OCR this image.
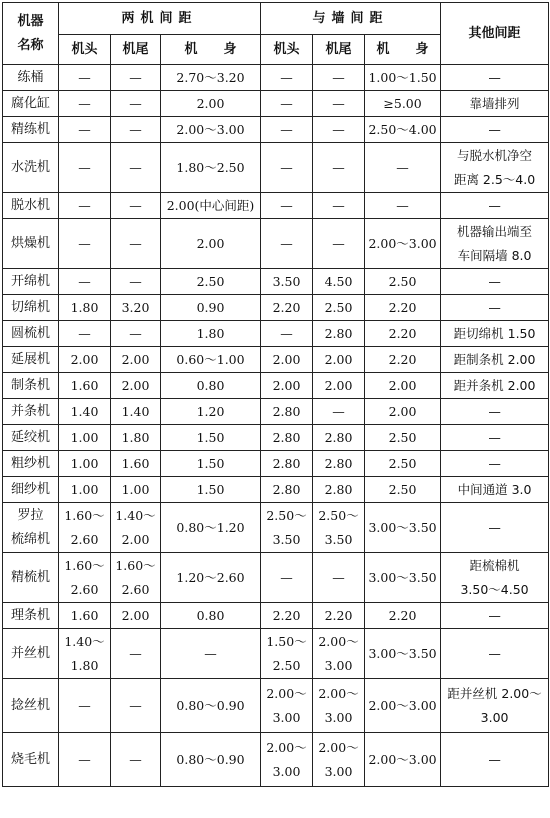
机器
名称	两机间距			与墙间距			其他间距
	机头	机尾	机　　身	机头	机尾	机　　身	

练桶	—	—	2.70～3.20	—	—	1.00～1.50	—

腐化缸	—	—	2.00	—	—	≥5.00	靠墙排列

精练机	—	—	2.00～3.00	—	—	2.50～4.00	—

水洗机	—	—	1.80～2.50	—	—	—	与脱水机净空
距离 2.5～4.0

脱水机	—	—	2.00(中心间距)	—	—	—	—

烘燥机	—	—	2.00	—	—	2.00～3.00	机器输出端至
车间隔墙 8.0

开绵机	—	—	2.50	3.50	4.50	2.50	—

切绵机	1.80	3.20	0.90	2.20	2.50	2.20	—

圆梳机	—	—	1.80	—	2.80	2.20	距切绵机 1.50

延展机	2.00	2.00	0.60～1.00	2.00	2.00	2.20	距制条机 2.00

制条机	1.60	2.00	0.80	2.00	2.00	2.00	距并条机 2.00

并条机	1.40	1.40	1.20	2.80	—	2.00	—

延绞机	1.00	1.80	1.50	2.80	2.80	2.50	—

粗纱机	1.00	1.60	1.50	2.80	2.80	2.50	—

细纱机	1.00	1.00	1.50	2.80	2.80	2.50	中间通道 3.0

罗拉
梳绵机	1.60～
2.60	1.40～
2.00	0.80～1.20	2.50～
3.50	2.50～
3.50	3.00～3.50	—

精梳机	1.60～
2.60	1.60～
2.60	1.20～2.60	—	—	3.00～3.50	距梳棉机
3.50～4.50

理条机	1.60	2.00	0.80	2.20	2.20	2.20	—

并丝机	1.40～
1.80	—	—	1.50～
2.50	2.00～
3.00	3.00～3.50	—

捻丝机	—	—	0.80～0.90	2.00～
3.00	2.00～
3.00	2.00～3.00	距并丝机 2.00～
3.00

烧毛机	—	—	0.80～0.90	2.00～
3.00	2.00～
3.00	2.00～3.00	—
